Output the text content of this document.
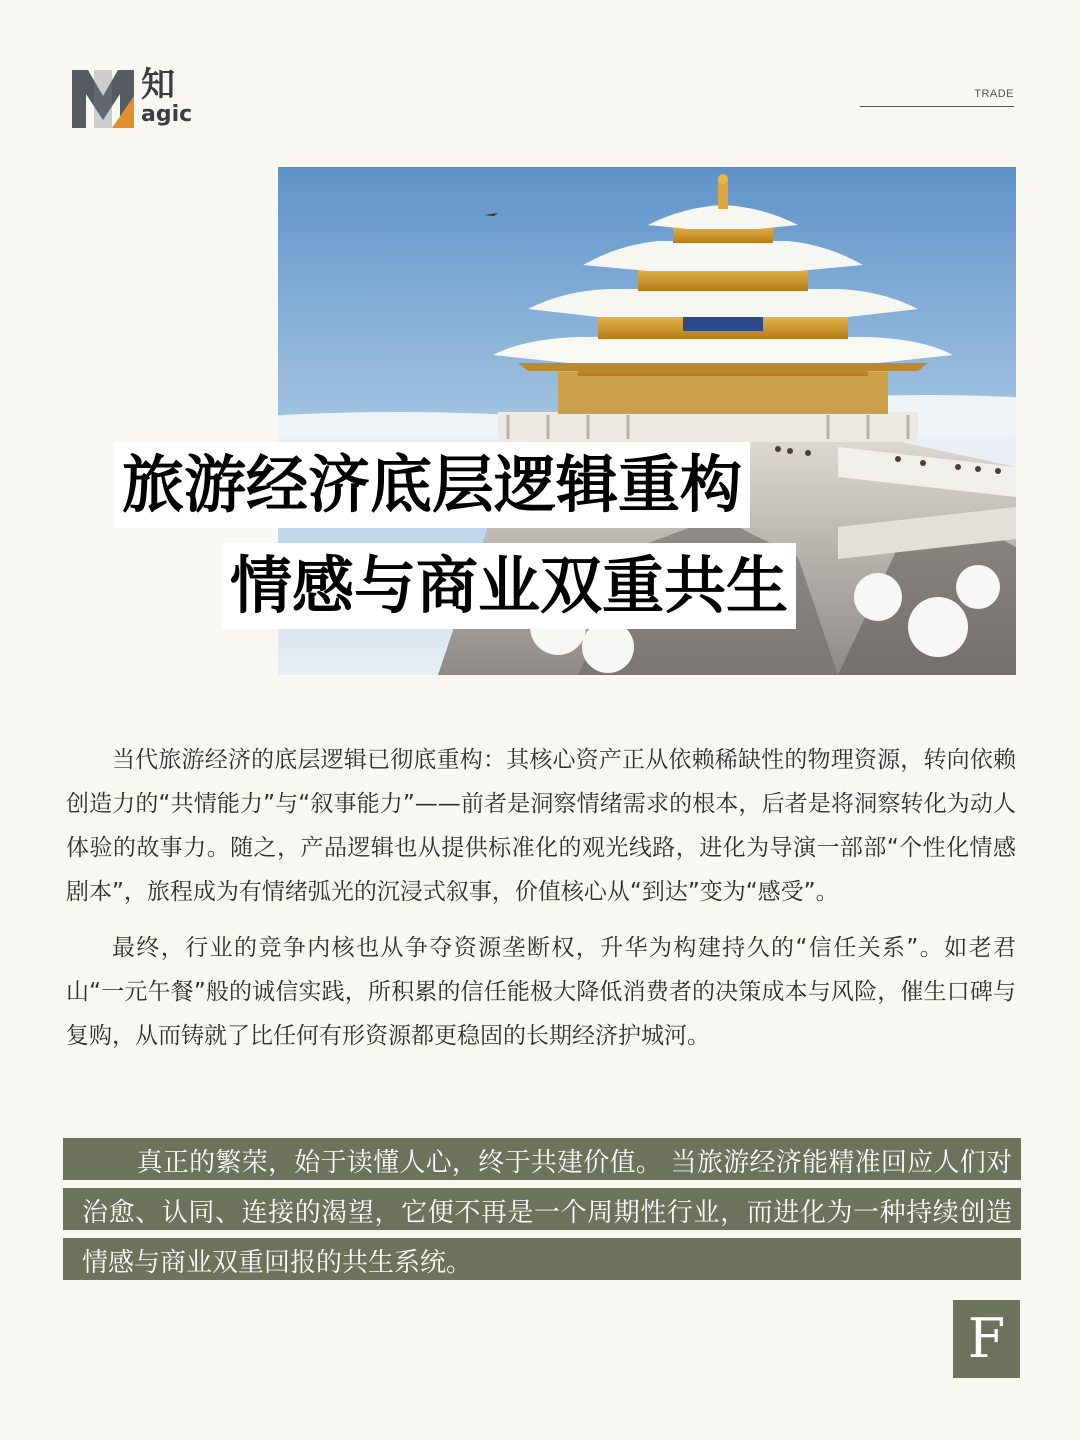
知
agic
TRADE
旅游经济底层逻辑重构
情感与商业双重共生

当代旅游经济的底层逻辑已彻底重构：其核心资产正从依赖稀缺性的物理资源，转向依赖创造力的“共情能力”与“叙事能力”——前者是洞察情绪需求的根本，后者是将洞察转化为动人体验的故事力。随之，产品逻辑也从提供标准化的观光线路，进化为导演一部部“个性化情感剧本”，旅程成为有情绪弧光的沉浸式叙事，价值核心从“到达”变为“感受”。

最终，行业的竞争内核也从争夺资源垄断权，升华为构建持久的“信任关系”。如老君山“一元午餐”般的诚信实践，所积累的信任能极大降低消费者的决策成本与风险，催生口碑与复购，从而铸就了比任何有形资源都更稳固的长期经济护城河。

真正的繁荣，始于读懂人心，终于共建价值。 当旅游经济能精准回应人们对治愈、认同、连接的渴望，它便不再是一个周期性行业，而进化为一种持续创造情感与商业双重回报的共生系统。
F
